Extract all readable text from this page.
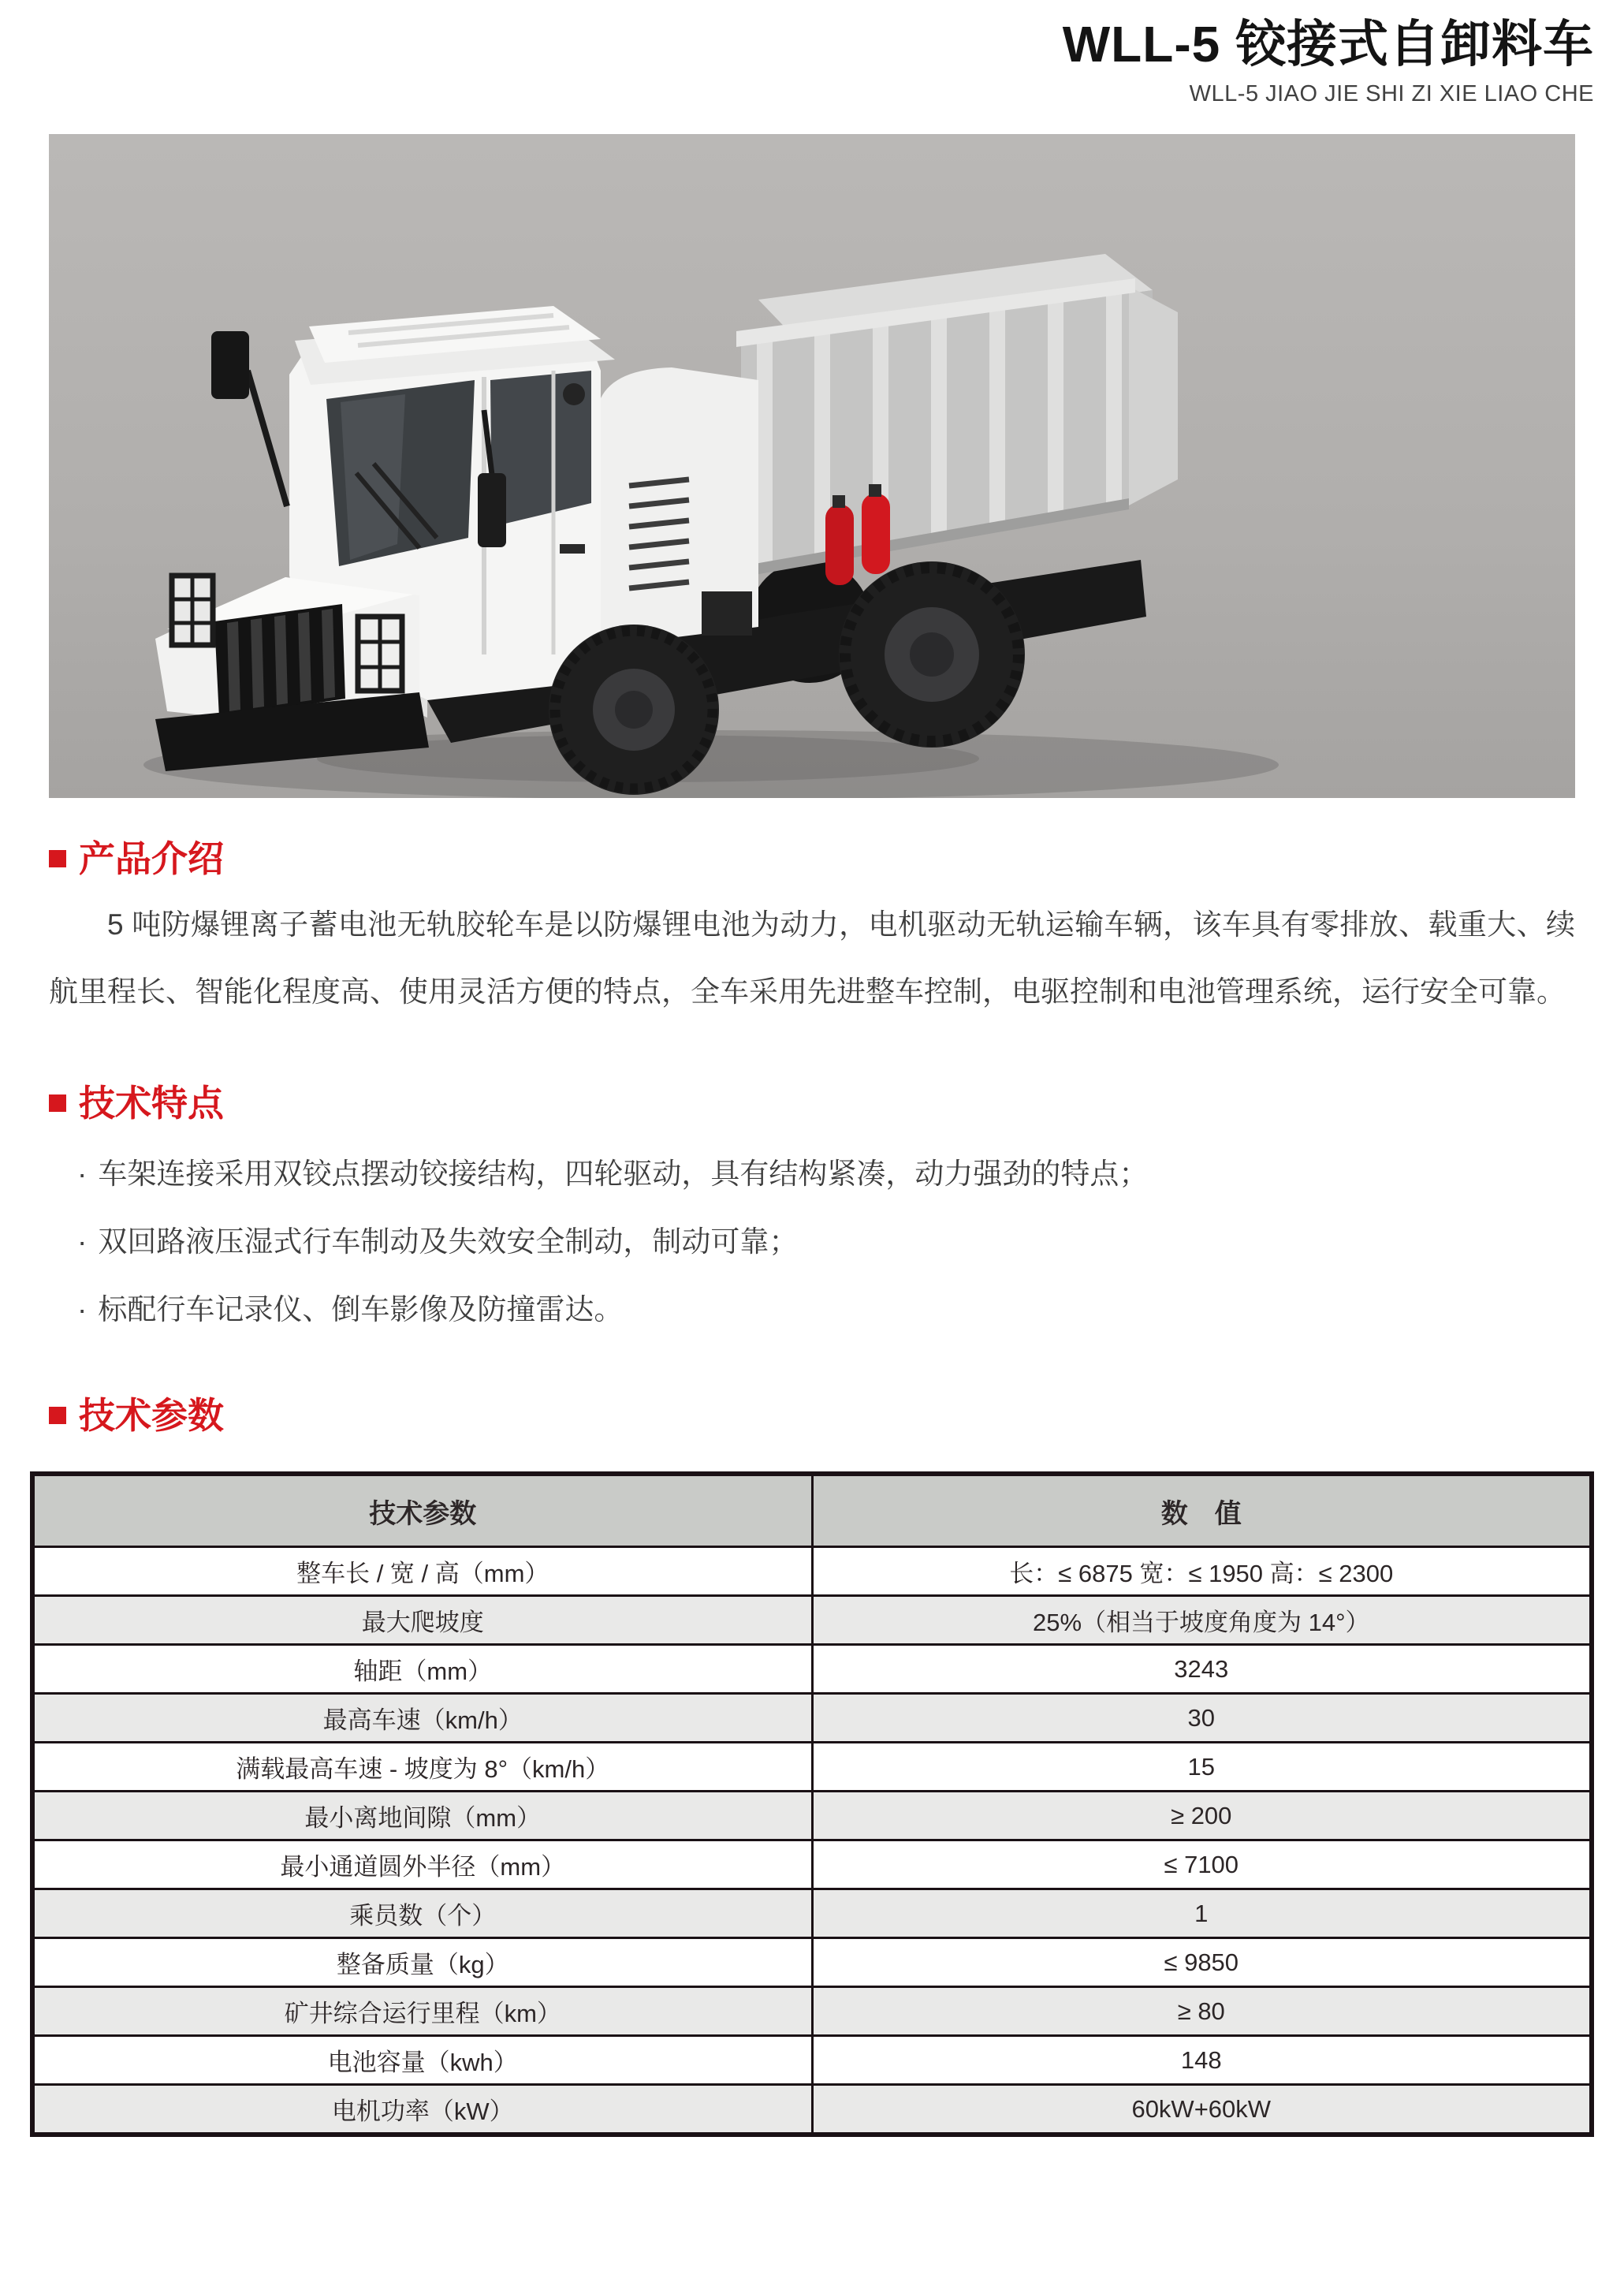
WLL-5 铰接式自卸料车
WLL-5 JIAO JIE SHI ZI XIE LIAO CHE
产品介绍

5 吨防爆锂离子蓄电池无轨胶轮车是以防爆锂电池为动力，电机驱动无轨运输车辆，该车具有零排放、载重大、续航里程长、智能化程度高、使用灵活方便的特点，全车采用先进整车控制，电驱控制和电池管理系统，运行安全可靠。

技术特点
· 车架连接采用双铰点摆动铰接结构，四轮驱动，具有结构紧凑，动力强劲的特点；
· 双回路液压湿式行车制动及失效安全制动，制动可靠；
· 标配行车记录仪、倒车影像及防撞雷达。
技术参数
技术参数	数　值
整车长 / 宽 / 高（mm）	长：≤ 6875 宽：≤ 1950 高：≤ 2300
最大爬坡度	25%（相当于坡度角度为 14°）
轴距（mm）	3243
最高车速（km/h）	30
满载最高车速 - 坡度为 8°（km/h）	15
最小离地间隙（mm）	≥ 200
最小通道圆外半径（mm）	≤ 7100
乘员数（个）	1
整备质量（kg）	≤ 9850
矿井综合运行里程（km）	≥ 80
电池容量（kwh）	148
电机功率（kW）	60kW+60kW
